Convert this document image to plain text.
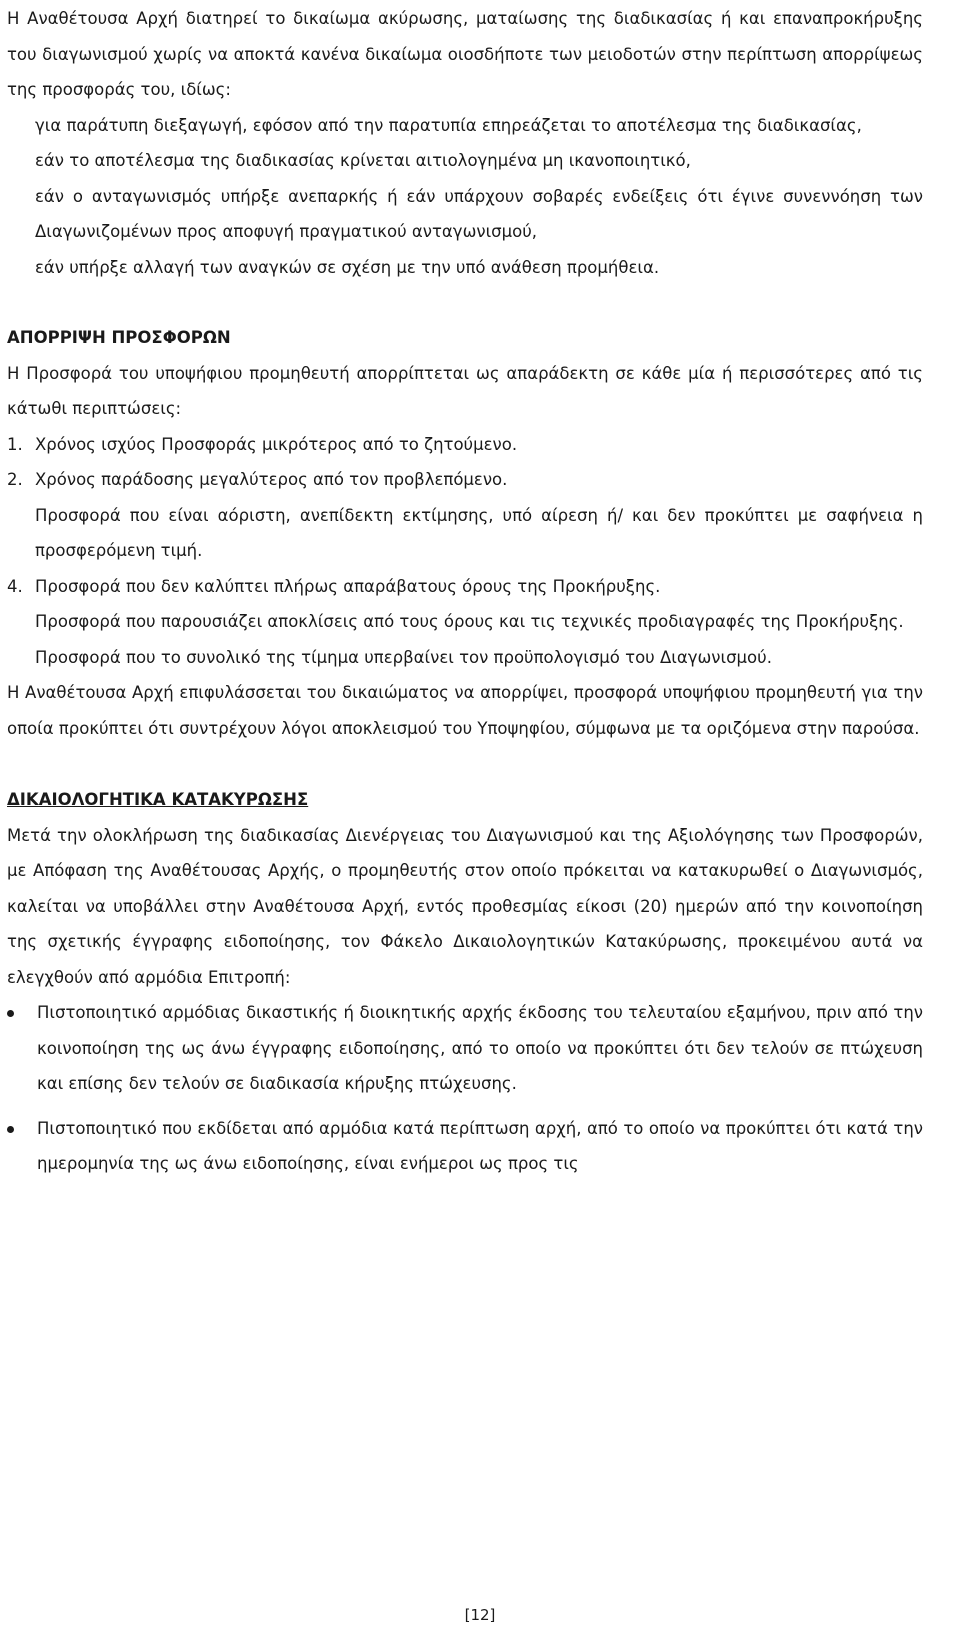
Η Αναθέτουσα Αρχή διατηρεί το δικαίωμα ακύρωσης, ματαίωσης της διαδικασίας ή και επαναπροκήρυξης του διαγωνισμού χωρίς να αποκτά κανένα δικαίωμα οιοσδήποτε των μειοδοτών στην περίπτωση απορρίψεως της προσφοράς του, ιδίως:

για παράτυπη διεξαγωγή, εφόσον από την παρατυπία επηρεάζεται το αποτέλεσμα της διαδικασίας,

εάν το αποτέλεσμα της διαδικασίας κρίνεται αιτιολογημένα μη ικανοποιητικό,

εάν ο ανταγωνισμός υπήρξε ανεπαρκής ή εάν υπάρχουν σοβαρές ενδείξεις ότι έγινε συνεννόηση των Διαγωνιζομένων προς αποφυγή πραγματικού ανταγωνισμού,

εάν υπήρξε αλλαγή των αναγκών σε σχέση με την υπό ανάθεση προμήθεια.

ΑΠΟΡΡΙΨΗ ΠΡΟΣΦΟΡΩΝ

Η Προσφορά του υποψήφιου προμηθευτή απορρίπτεται ως απαράδεκτη σε κάθε μία ή περισσότερες από τις κάτωθι περιπτώσεις:

1. Χρόνος ισχύος Προσφοράς μικρότερος από το ζητούμενο.

2. Χρόνος παράδοσης μεγαλύτερος από τον προβλεπόμενο.

Προσφορά που είναι αόριστη, ανεπίδεκτη εκτίμησης, υπό αίρεση ή/ και δεν προκύπτει με σαφήνεια η προσφερόμενη τιμή.

4. Προσφορά που δεν καλύπτει πλήρως απαράβατους όρους της Προκήρυξης.

Προσφορά που παρουσιάζει αποκλίσεις από τους όρους και τις τεχνικές προδιαγραφές της Προκήρυξης.

Προσφορά που το συνολικό της τίμημα υπερβαίνει τον προϋπολογισμό του Διαγωνισμού.

Η Αναθέτουσα Αρχή επιφυλάσσεται του δικαιώματος να απορρίψει, προσφορά υποψήφιου προμηθευτή για την οποία προκύπτει ότι συντρέχουν λόγοι αποκλεισμού του Υποψηφίου, σύμφωνα με τα οριζόμενα στην παρούσα.

ΔΙΚΑΙΟΛΟΓΗΤΙΚΑ ΚΑΤΑΚΥΡΩΣΗΣ

Μετά την ολοκλήρωση της διαδικασίας Διενέργειας του Διαγωνισμού και της Αξιολόγησης των Προσφορών, με Απόφαση της Αναθέτουσας Αρχής, ο προμηθευτής στον οποίο πρόκειται να κατακυρωθεί ο Διαγωνισμός, καλείται να υποβάλλει στην Αναθέτουσα Αρχή, εντός προθεσμίας είκοσι (20) ημερών από την κοινοποίηση της σχετικής έγγραφης ειδοποίησης, τον Φάκελο Δικαιολογητικών Κατακύρωσης, προκειμένου αυτά να ελεγχθούν από αρμόδια Επιτροπή:

Πιστοποιητικό αρμόδιας δικαστικής ή διοικητικής αρχής έκδοσης του τελευταίου εξαμήνου, πριν από την κοινοποίηση της ως άνω έγγραφης ειδοποίησης, από το οποίο να προκύπτει ότι δεν τελούν σε πτώχευση και επίσης δεν τελούν σε διαδικασία κήρυξης πτώχευσης.
Πιστοποιητικό που εκδίδεται από αρμόδια κατά περίπτωση αρχή, από το οποίο να προκύπτει ότι κατά την ημερομηνία της ως άνω ειδοποίησης, είναι ενήμεροι ως προς τις
[12]
